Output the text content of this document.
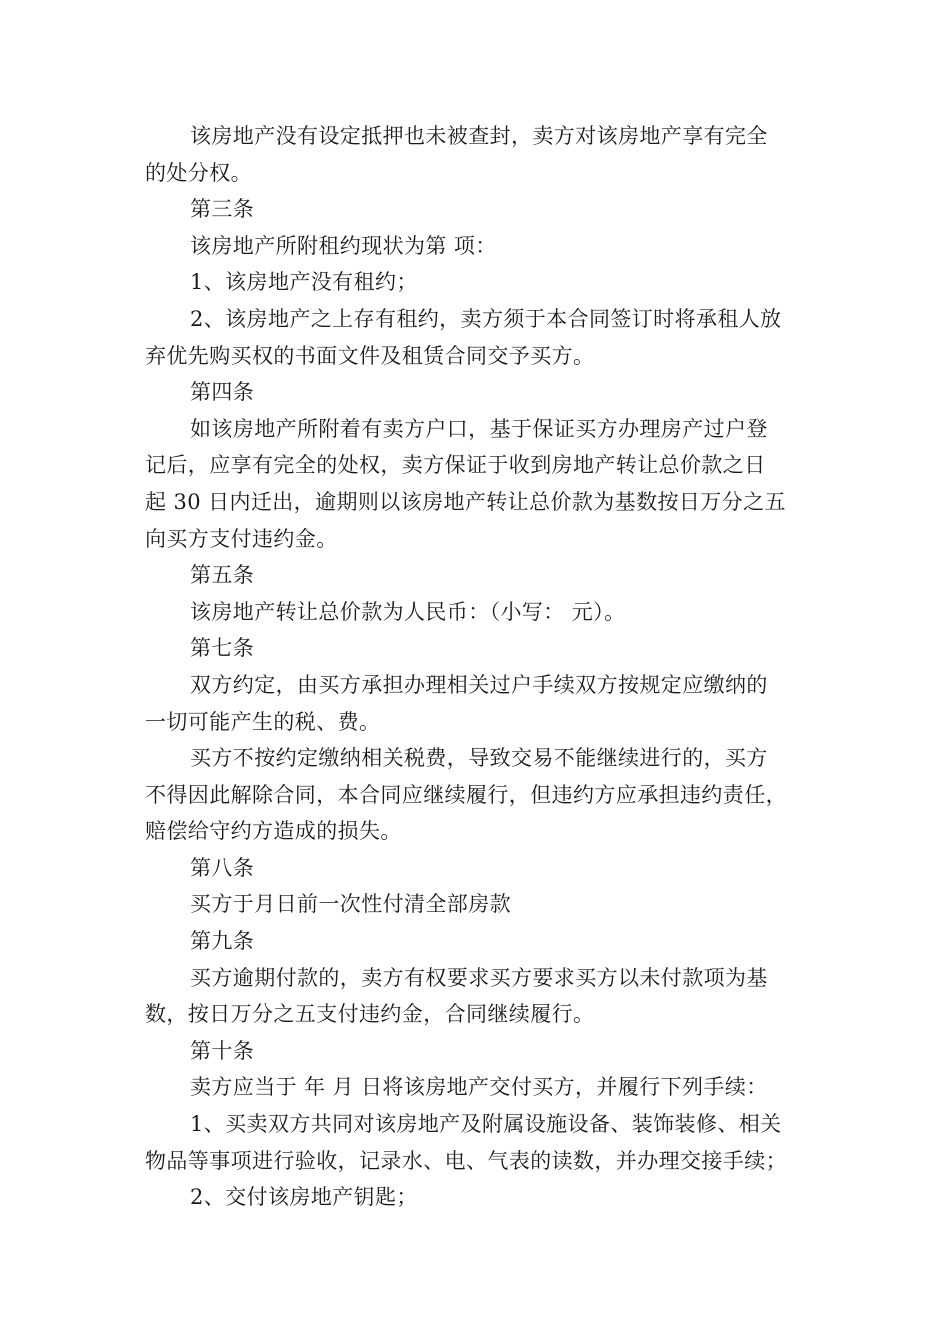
该房地产没有设定抵押也未被查封，卖方对该房地产享有完全
的处分权。
第三条
该房地产所附租约现状为第 项：
1、该房地产没有租约；
2、该房地产之上存有租约，卖方须于本合同签订时将承租人放
弃优先购买权的书面文件及租赁合同交予买方。
第四条
如该房地产所附着有卖方户口，基于保证买方办理房产过户登
记后，应享有完全的处权，卖方保证于收到房地产转让总价款之日
起 30 日内迁出，逾期则以该房地产转让总价款为基数按日万分之五
向买方支付违约金。
第五条
该房地产转让总价款为人民币：（小写： 元）。
第七条
双方约定，由买方承担办理相关过户手续双方按规定应缴纳的
一切可能产生的税、费。
买方不按约定缴纳相关税费，导致交易不能继续进行的，买方
不得因此解除合同，本合同应继续履行，但违约方应承担违约责任，
赔偿给守约方造成的损失。
第八条
买方于月日前一次性付清全部房款
第九条
买方逾期付款的，卖方有权要求买方要求买方以未付款项为基
数，按日万分之五支付违约金，合同继续履行。
第十条
卖方应当于 年 月 日将该房地产交付买方，并履行下列手续：
1、买卖双方共同对该房地产及附属设施设备、装饰装修、相关
物品等事项进行验收，记录水、电、气表的读数，并办理交接手续；
2、交付该房地产钥匙；
